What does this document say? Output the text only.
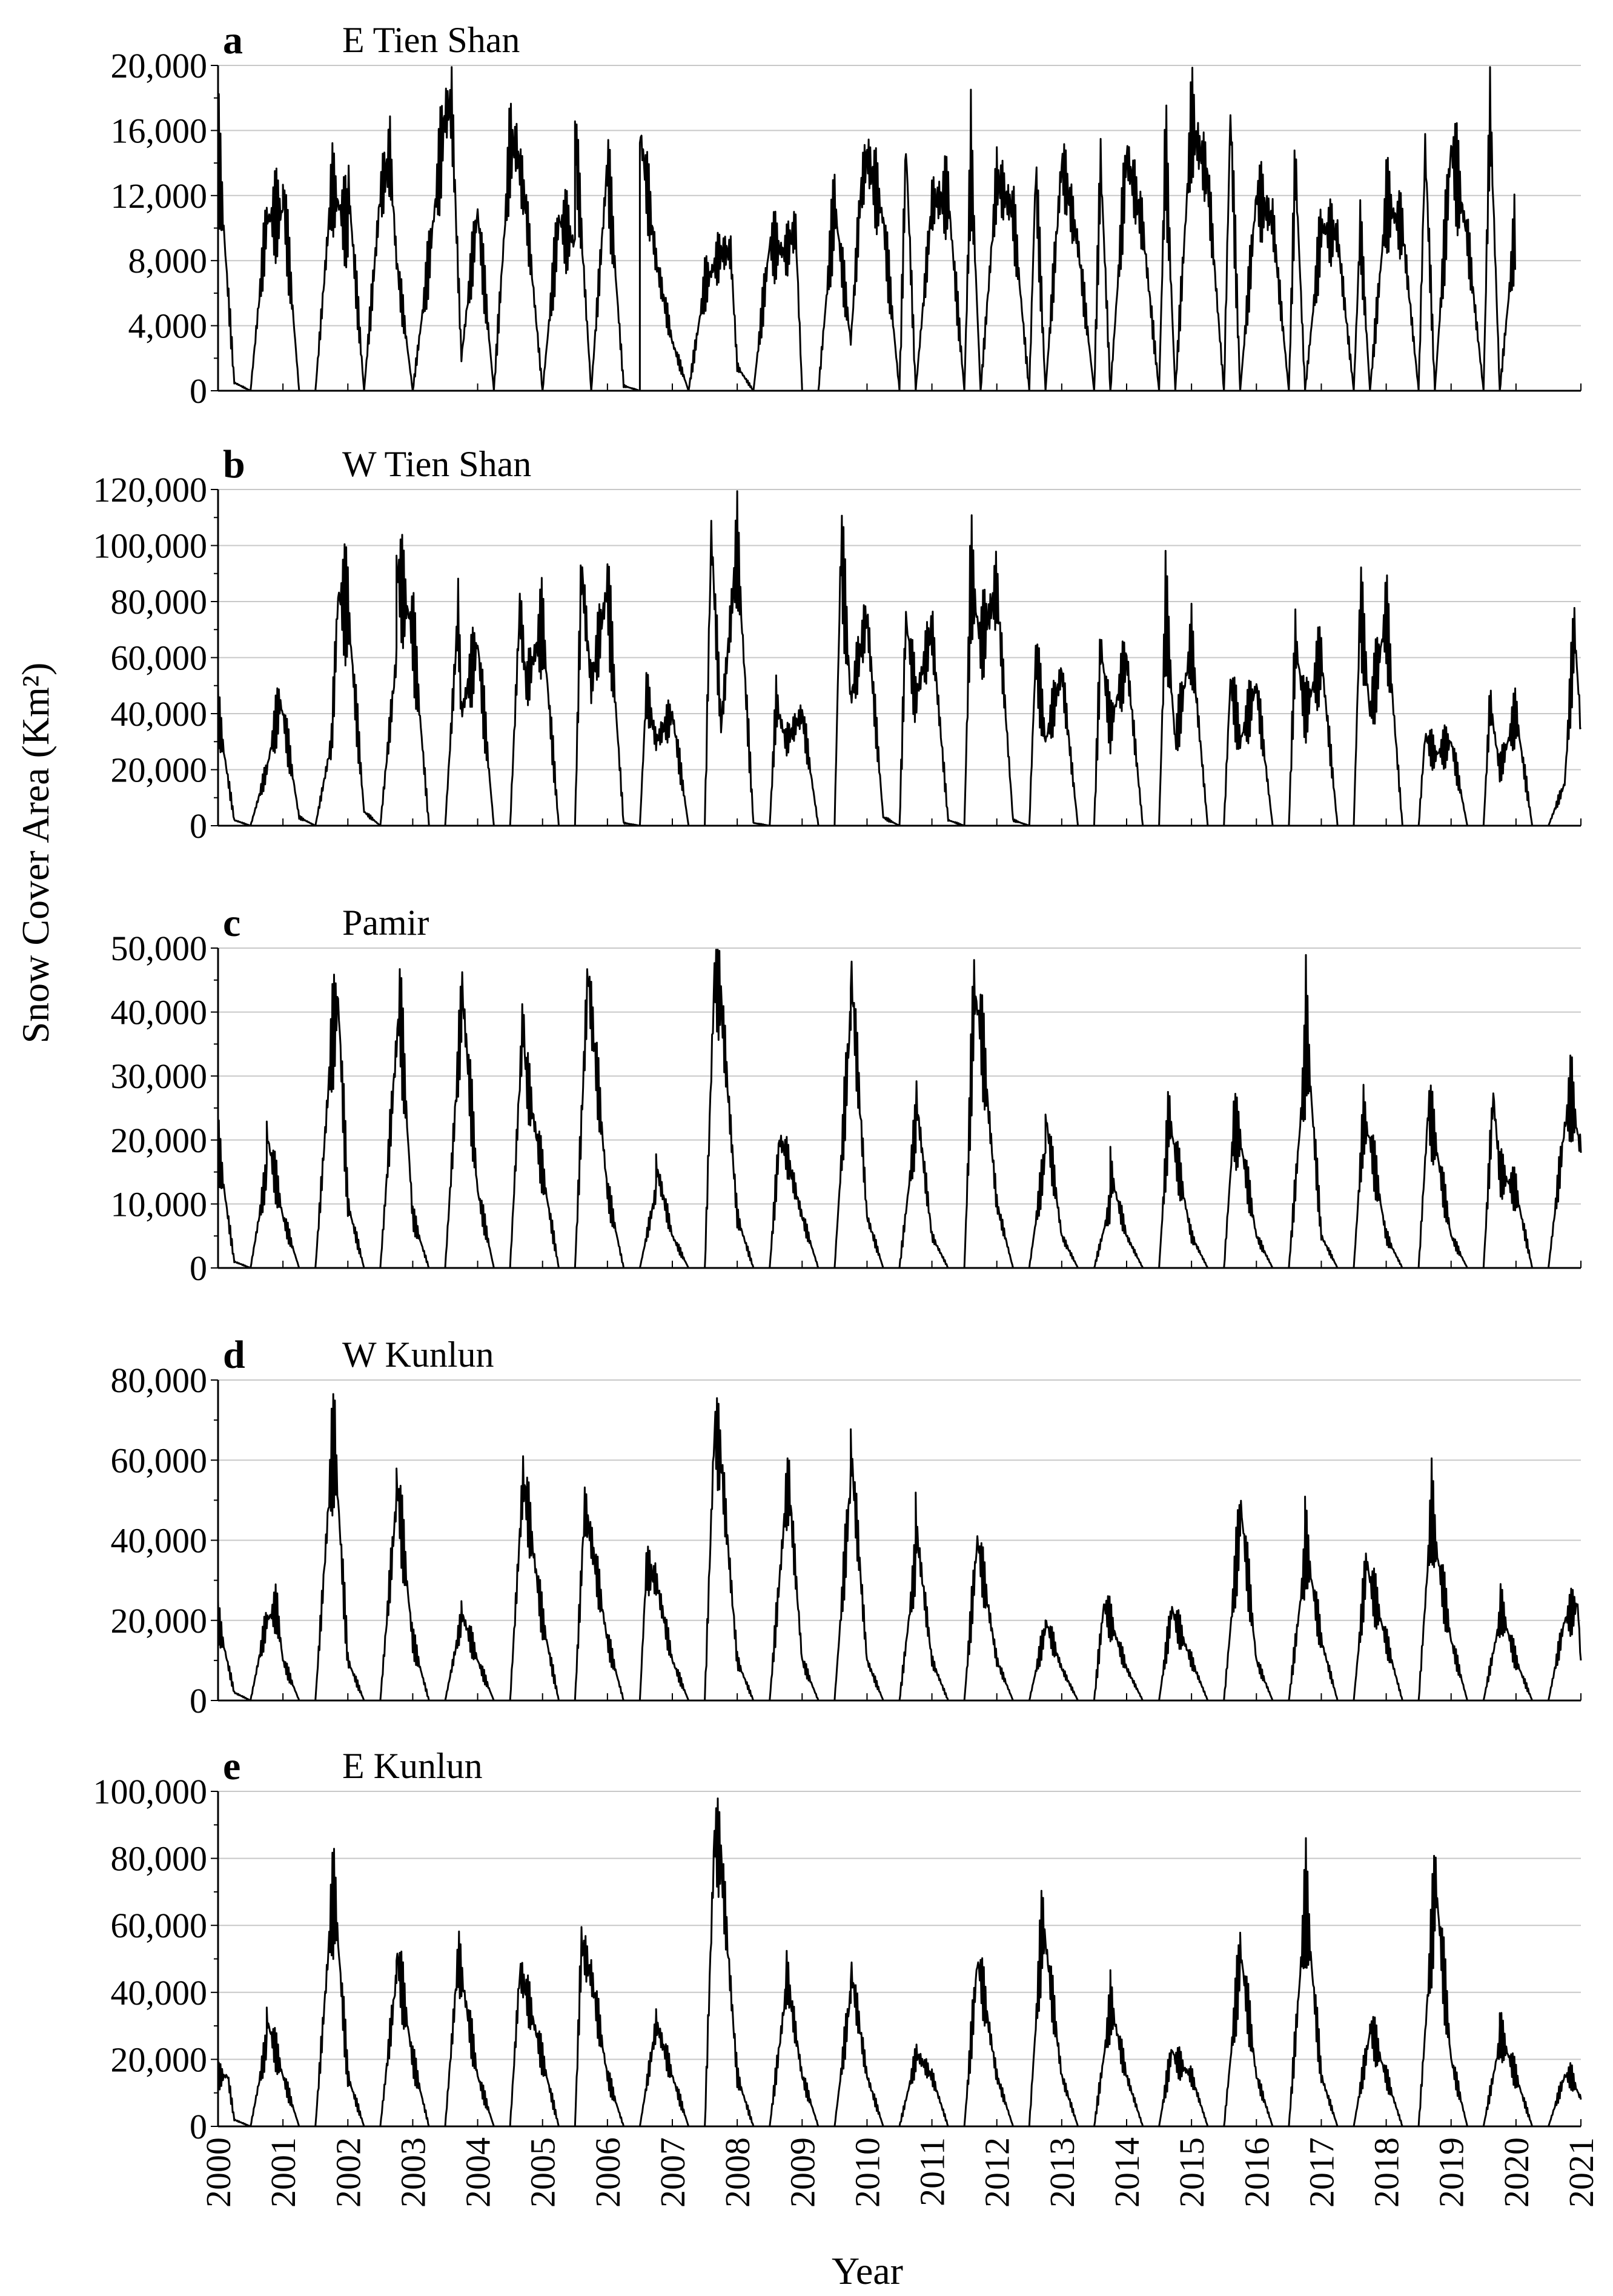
0
4,000
8,000
12,000
16,000
20,000
a	E Tien Shan
0
20,000
40,000
60,000
80,000
100,000
120,000
b	W Tien Shan
0
10,000
20,000
30,000
40,000
50,000
c	Pamir
0
20,000
40,000
60,000
80,000
d	W Kunlun
0
20,000
40,000
60,000
80,000
100,000
e	E Kunlun
Snow Cover Area (Km²)
Year
2000 2001 2002 2003 2004 2005 2006 2007 2008 2009 2010 2011 2012 2013 2014 2015 2016 2017 2018 2019 2020 2021
